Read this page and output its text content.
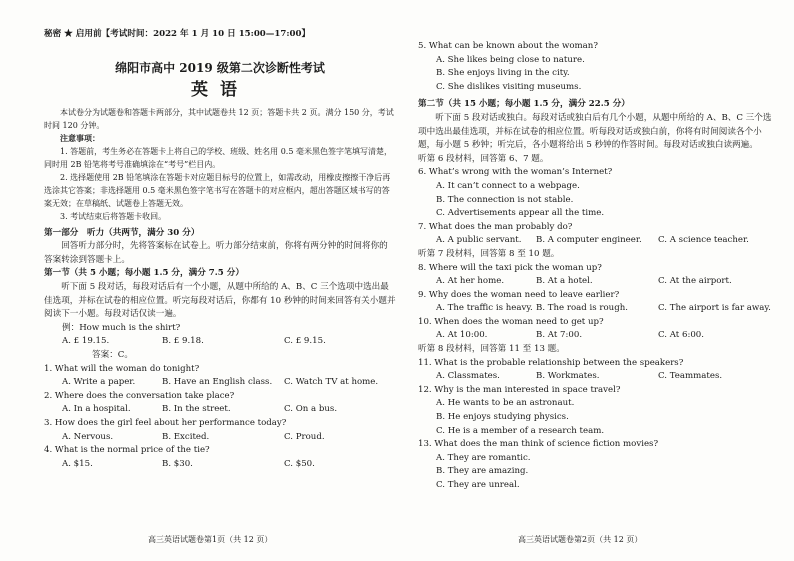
秘密 ★ 启用前【考试时间：2022 年 1 月 10 日 15:00—17:00】
绵阳市高中 2019 级第二次诊断性考试
英语

本试卷分为试题卷和答题卡两部分，其中试题卷共 12 页；答题卡共 2 页。满分 150 分，考试时间 120 分钟。

注意事项：

1. 答题前，考生务必在答题卡上将自己的学校、班级、姓名用 0.5 毫米黑色签字笔填写清楚，同时用 2B 铅笔将考号准确填涂在“考号”栏目内。

2. 选择题使用 2B 铅笔填涂在答题卡对应题目标号的位置上，如需改动，用橡皮擦擦干净后再选涂其它答案；非选择题用 0.5 毫米黑色签字笔书写在答题卡的对应框内，超出答题区域书写的答案无效；在草稿纸、试题卷上答题无效。

3. 考试结束后将答题卡收回。

第一部分　听力（共两节，满分 30 分）

回答听力部分时，先将答案标在试卷上。听力部分结束前，你将有两分钟的时间将你的答案转涂到答题卡上。

第一节（共 5 小题；每小题 1.5 分，满分 7.5 分）

听下面 5 段对话，每段对话后有一个小题，从题中所给的 A、B、C 三个选项中选出最佳选项，并标在试卷的相应位置。听完每段对话后，你都有 10 秒钟的时间来回答有关小题并阅读下一小题。每段对话仅读一遍。

例：How much is the shirt?
A. £ 19.15.	B. £ 9.18.	C. £ 9.15.
答案：C。
1. What will the woman do tonight?
A. Write a paper.	B. Have an English class.	C. Watch TV at home.
2. Where does the conversation take place?
A. In a hospital.	B. In the street.	C. On a bus.
3. How does the girl feel about her performance today?
A. Nervous.	B. Excited.	C. Proud.
4. What is the normal price of the tie?
A. $15.	B. $30.	C. $50.
5. What can be known about the woman?
A. She likes being close to nature.
B. She enjoys living in the city.
C. She dislikes visiting museums.
第二节（共 15 小题；每小题 1.5 分，满分 22.5 分）

听下面 5 段对话或独白。每段对话或独白后有几个小题，从题中所给的 A、B、C 三个选项中选出最佳选项，并标在试卷的相应位置。听每段对话或独白前，你将有时间阅读各个小题，每小题 5 秒钟；听完后，各小题将给出 5 秒钟的作答时间。每段对话或独白读两遍。

听第 6 段材料，回答第 6、7 题。
6. What’s wrong with the woman’s Internet?
A. It can’t connect to a webpage.
B. The connection is not stable.
C. Advertisements appear all the time.
7. What does the man probably do?
A. A public servant.	B. A computer engineer.	C. A science teacher.
听第 7 段材料，回答第 8 至 10 题。
8. Where will the taxi pick the woman up?
A. At her home.	B. At a hotel.	C. At the airport.
9. Why does the woman need to leave earlier?
A. The traffic is heavy. B. The road is rough.	C. The airport is far away.
10. When does the woman need to get up?
A. At 10:00.	B. At 7:00.	C. At 6:00.
听第 8 段材料，回答第 11 至 13 题。
11. What is the probable relationship between the speakers?
A. Classmates.	B. Workmates.	C. Teammates.
12. Why is the man interested in space travel?
A. He wants to be an astronaut.
B. He enjoys studying physics.
C. He is a member of a research team.
13. What does the man think of science fiction movies?
A. They are romantic.
B. They are amazing.
C. They are unreal.
高三英语试题卷第1页（共 12 页）	高三英语试题卷第2页（共 12 页）
